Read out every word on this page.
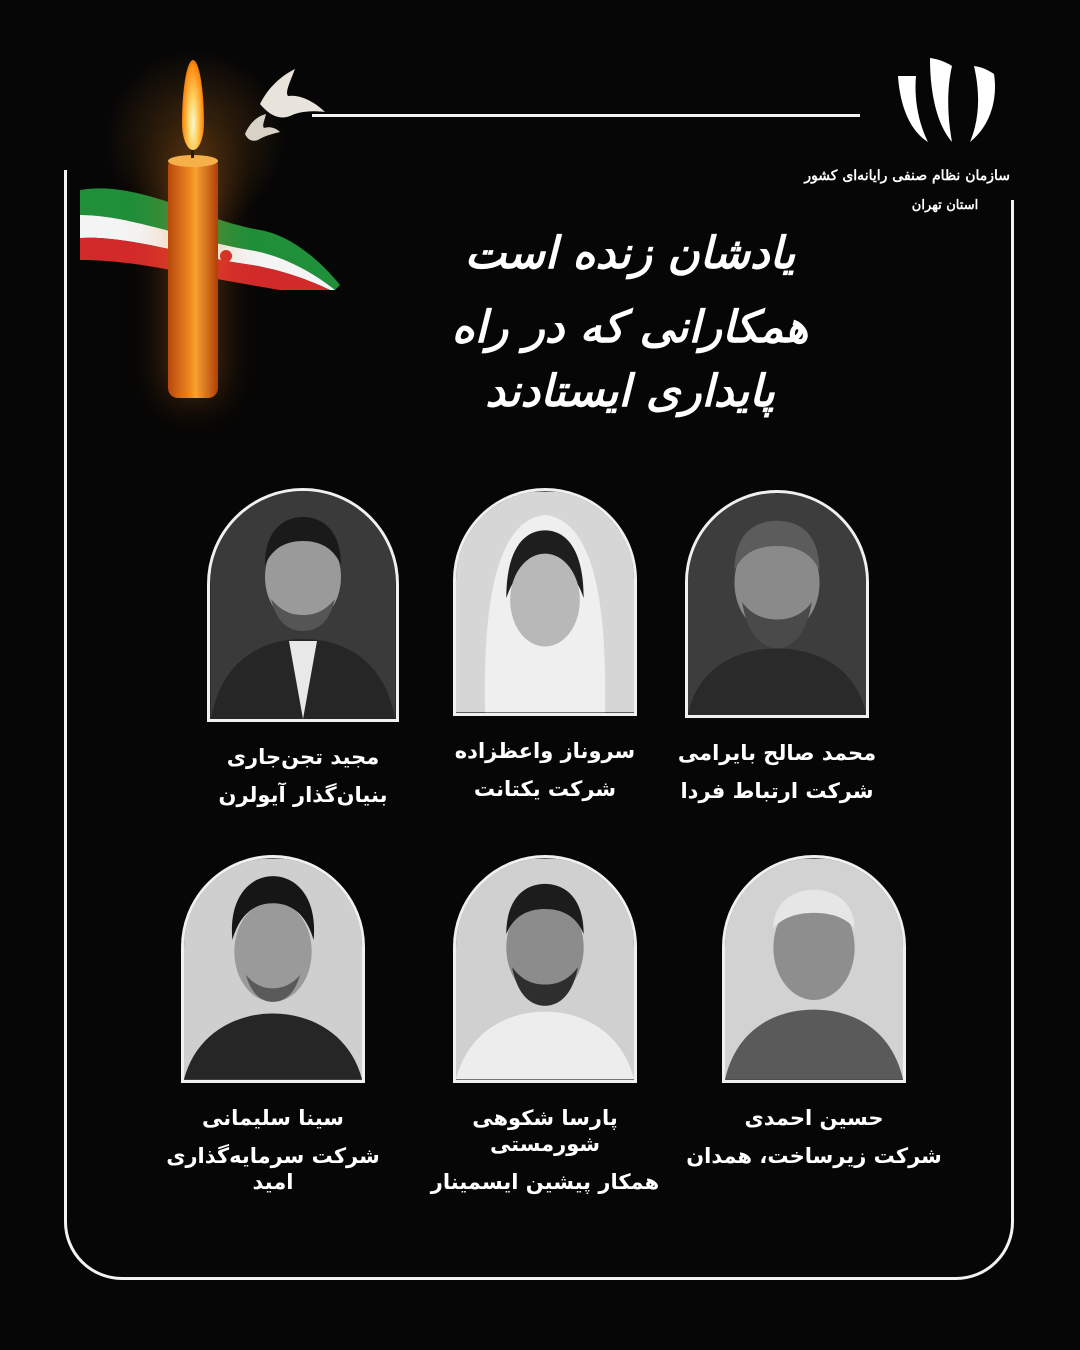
سازمان نظام صنفی رایانه‌ای کشور
استان تهران
یادشان زنده است
همکارانی که در راه پایداری ایستادند
محمد صالح بایرامی
شرکت ارتباط فردا
سروناز واعظزاده
شرکت یکتانت
مجید تجن‌جاری
بنیان‌گذار آیولرن
حسین احمدی
شرکت زیرساخت، همدان
پارسا شکوهی شورمستی
همکار پیشین ایسمینار
سینا سلیمانی
شرکت سرمایه‌گذاری امید
